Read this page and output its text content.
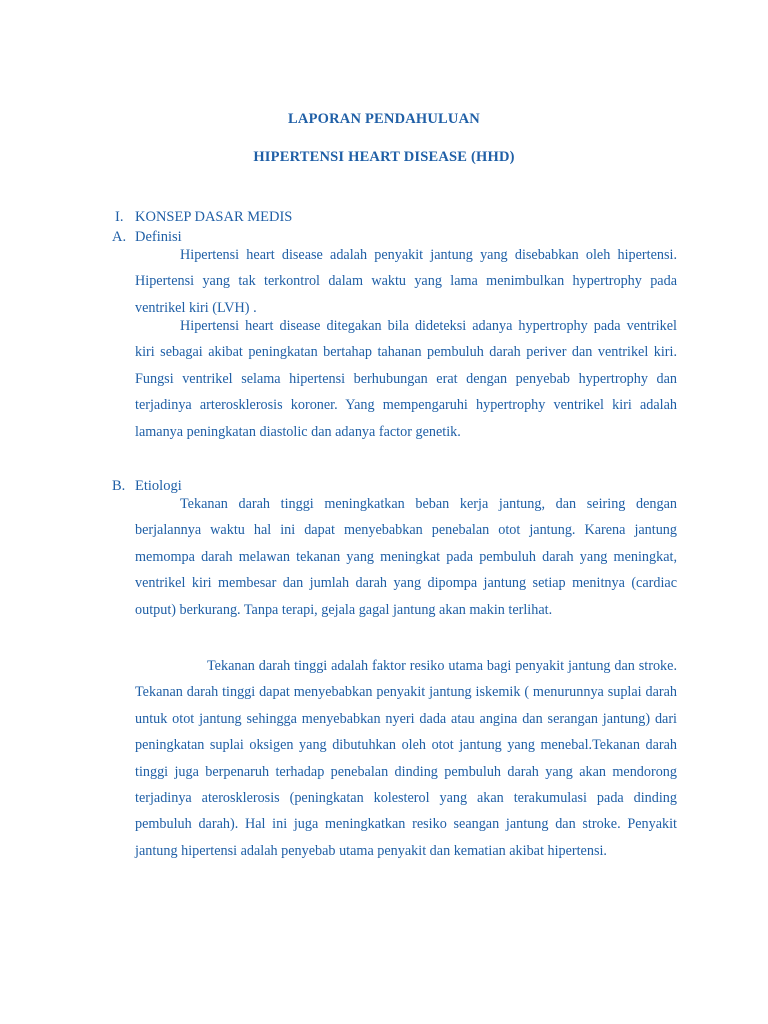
LAPORAN PENDAHULUAN
HIPERTENSI HEART DISEASE (HHD)
I. KONSEP DASAR MEDIS
A. Definisi

Hipertensi heart disease adalah penyakit jantung yang disebabkan oleh hipertensi. Hipertensi yang tak terkontrol dalam waktu yang lama menimbulkan hypertrophy pada ventrikel kiri (LVH) .

Hipertensi heart disease ditegakan bila dideteksi adanya hypertrophy pada ventrikel kiri sebagai akibat peningkatan bertahap tahanan pembuluh darah periver dan ventrikel kiri. Fungsi ventrikel selama hipertensi berhubungan erat dengan penyebab hypertrophy dan terjadinya arterosklerosis koroner. Yang mempengaruhi hypertrophy ventrikel kiri adalah lamanya peningkatan diastolic dan adanya factor genetik.

B. Etiologi

Tekanan darah tinggi meningkatkan beban kerja jantung, dan seiring dengan berjalannya waktu hal ini dapat menyebabkan penebalan otot jantung. Karena jantung memompa darah melawan tekanan yang meningkat pada pembuluh darah yang meningkat, ventrikel kiri membesar dan jumlah darah yang dipompa jantung setiap menitnya (cardiac output) berkurang. Tanpa terapi, gejala gagal jantung akan makin terlihat.

Tekanan darah tinggi adalah faktor resiko utama bagi penyakit jantung dan stroke. Tekanan darah tinggi dapat menyebabkan penyakit jantung iskemik ( menurunnya suplai darah untuk otot jantung sehingga menyebabkan nyeri dada atau angina dan serangan jantung) dari peningkatan suplai oksigen yang dibutuhkan oleh otot jantung yang menebal.Tekanan darah tinggi juga berpenaruh terhadap penebalan dinding pembuluh darah yang akan mendorong terjadinya aterosklerosis (peningkatan kolesterol yang akan terakumulasi pada dinding pembuluh darah). Hal ini juga meningkatkan resiko seangan jantung dan stroke. Penyakit jantung hipertensi adalah penyebab utama penyakit dan kematian akibat hipertensi.
